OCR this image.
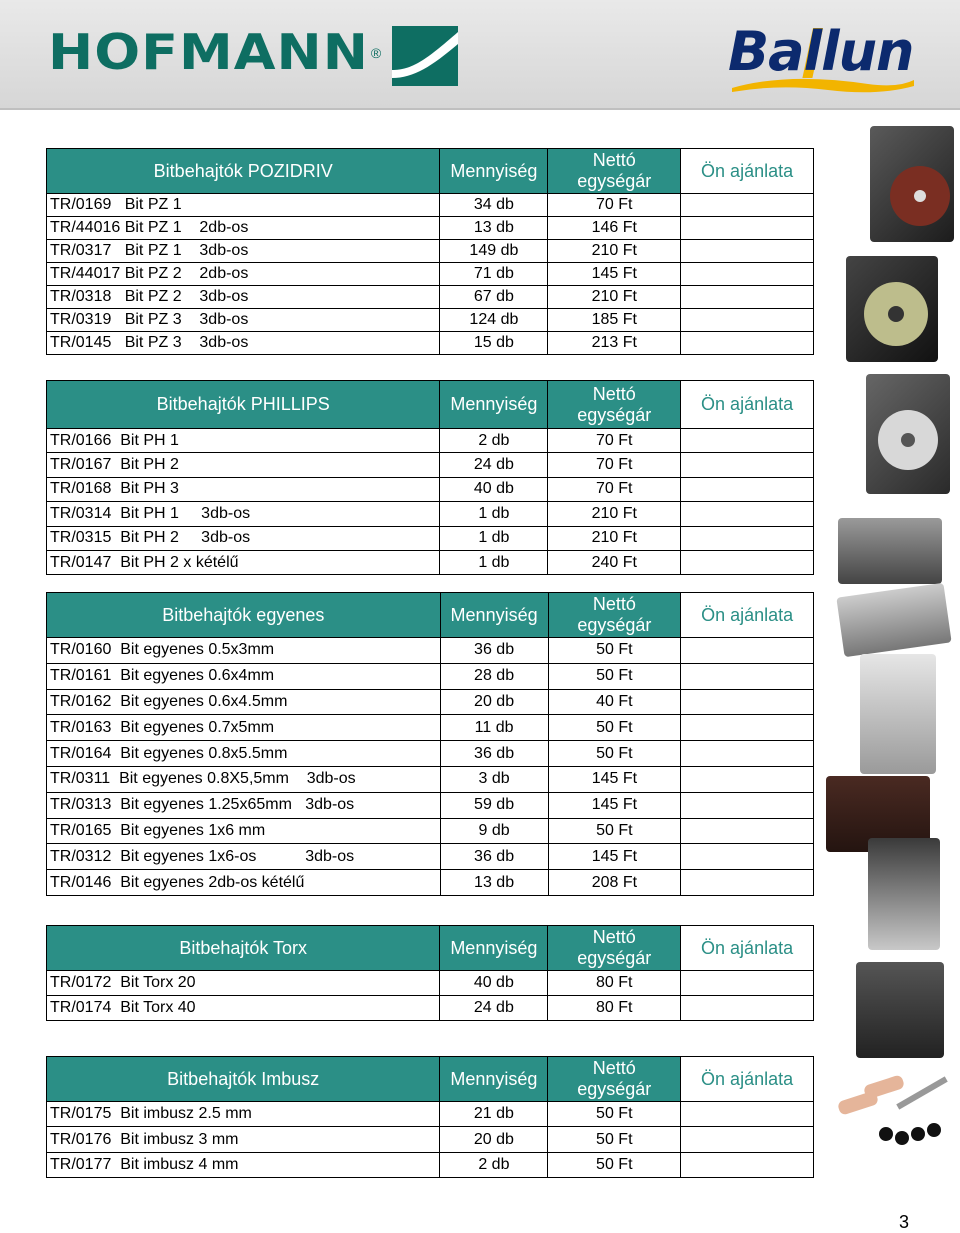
HOFMANN ®	Ballun
Bitbehajtók POZIDRIV	Mennyiség	Nettó
egységár	Ön ajánlata
TR/0169   Bit PZ 1	34 db	70 Ft	
TR/44016 Bit PZ 1    2db-os	13 db	146 Ft	
TR/0317   Bit PZ 1    3db-os	149 db	210 Ft	
TR/44017 Bit PZ 2    2db-os	71 db	145 Ft	
TR/0318   Bit PZ 2    3db-os	67 db	210 Ft	
TR/0319   Bit PZ 3    3db-os	124 db	185 Ft	
TR/0145   Bit PZ 3    3db-os	15 db	213 Ft	
Bitbehajtók PHILLIPS	Mennyiség	Nettó
egységár	Ön ajánlata
TR/0166  Bit PH 1	2 db	70 Ft	
TR/0167  Bit PH 2	24 db	70 Ft	
TR/0168  Bit PH 3	40 db	70 Ft	
TR/0314  Bit PH 1     3db-os	1 db	210 Ft	
TR/0315  Bit PH 2     3db-os	1 db	210 Ft	
TR/0147  Bit PH 2 x kétélű	1 db	240 Ft	
Bitbehajtók egyenes	Mennyiség	Nettó
egységár	Ön ajánlata
TR/0160  Bit egyenes 0.5x3mm	36 db	50 Ft	
TR/0161  Bit egyenes 0.6x4mm	28 db	50 Ft	
TR/0162  Bit egyenes 0.6x4.5mm	20 db	40 Ft	
TR/0163  Bit egyenes 0.7x5mm	11 db	50 Ft	
TR/0164  Bit egyenes 0.8x5.5mm	36 db	50 Ft	
TR/0311  Bit egyenes 0.8X5,5mm    3db-os	3 db	145 Ft	
TR/0313  Bit egyenes 1.25x65mm   3db-os	59 db	145 Ft	
TR/0165  Bit egyenes 1x6 mm	9 db	50 Ft	
TR/0312  Bit egyenes 1x6-os           3db-os	36 db	145 Ft	
TR/0146  Bit egyenes 2db-os kétélű	13 db	208 Ft	
Bitbehajtók Torx	Mennyiség	Nettó
egységár	Ön ajánlata
TR/0172  Bit Torx 20	40 db	80 Ft	
TR/0174  Bit Torx 40	24 db	80 Ft	
Bitbehajtók Imbusz	Mennyiség	Nettó
egységár	Ön ajánlata
TR/0175  Bit imbusz 2.5 mm	21 db	50 Ft	
TR/0176  Bit imbusz 3 mm	20 db	50 Ft	
TR/0177  Bit imbusz 4 mm	2 db	50 Ft	
3
